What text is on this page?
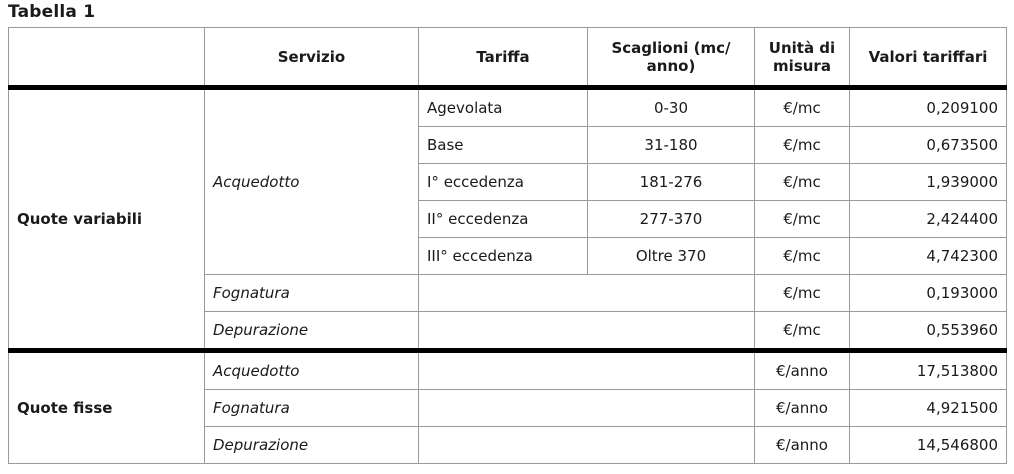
Tabella 1
	Servizio	Tariffa	Scaglioni (mc/ anno)	Unità di misura	Valori tariffari
Quote variabili	Acquedotto	Agevolata	0-30	€/mc	0,209100
		Base	31-180	€/mc	0,673500
		I° eccedenza	181-276	€/mc	1,939000
		II° eccedenza	277-370	€/mc	2,424400
		III° eccedenza	Oltre 370	€/mc	4,742300
	Fognatura			€/mc	0,193000
	Depurazione			€/mc	0,553960
Quote fisse	Acquedotto			€/anno	17,513800
	Fognatura			€/anno	4,921500
	Depurazione			€/anno	14,546800
